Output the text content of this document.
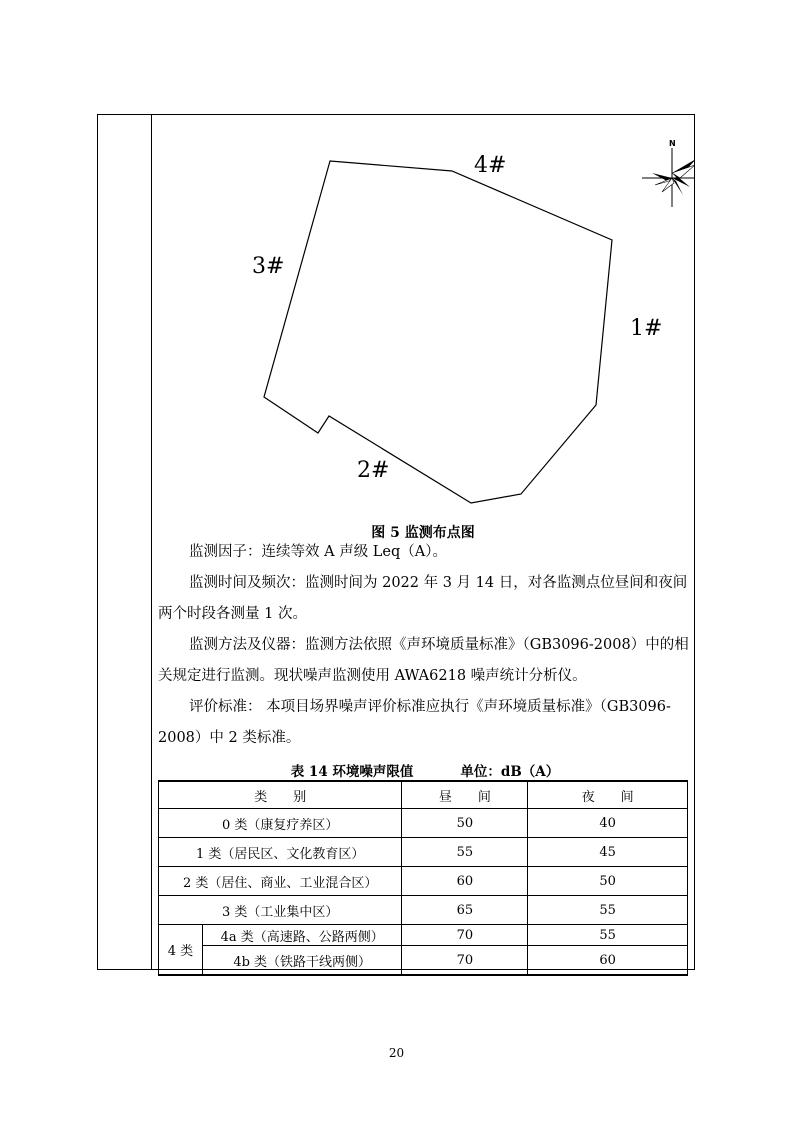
4#
3#
1#
2#
N
图 5 监测布点图

监测因子：连续等效 A 声级 Leq（A）。

监测时间及频次：监测时间为 2022 年 3 月 14 日，对各监测点位昼间和夜间两个时段各测量 1 次。

监测方法及仪器：监测方法依照《声环境质量标准》（GB3096-2008）中的相关规定进行监测。现状噪声监测使用 AWA6218 噪声统计分析仪。

评价标准： 本项目场界噪声评价标准应执行《声环境质量标准》（GB3096-2008）中 2 类标准。

表 14 环境噪声限值	单位：dB（A）
类　　别		昼　　间	夜　　间
0 类（康复疗养区）		50	40
1 类（居民区、文化教育区）		55	45
2 类（居住、商业、工业混合区）		60	50
3 类（工业集中区）		65	55
4 类	4a 类（高速路、公路两侧）	70	55
	4b 类（铁路干线两侧）	70	60
20
